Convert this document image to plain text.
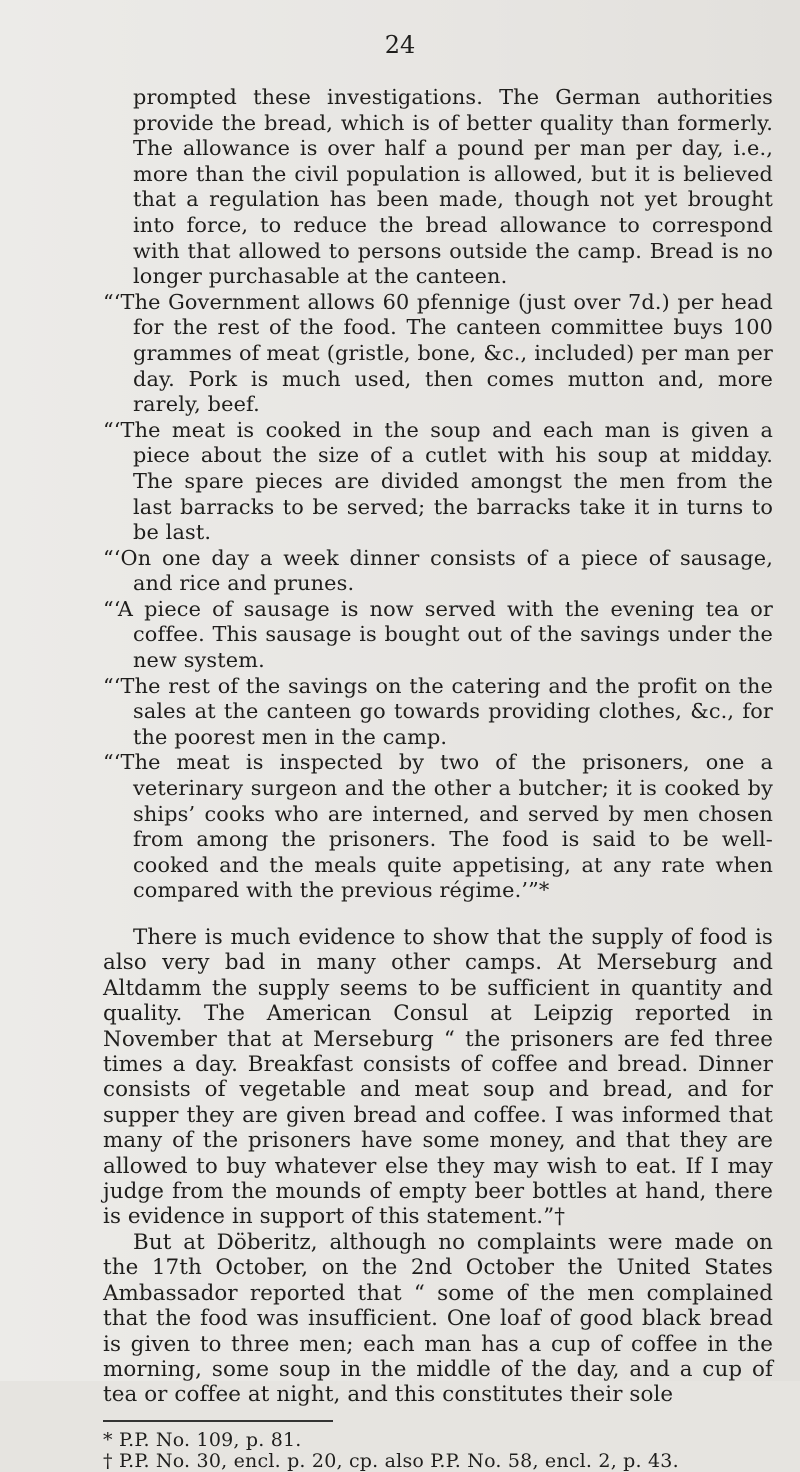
24

prompted these investigations. The German authorities provide the bread, which is of better quality than formerly. The allowance is over half a pound per man per day, i.e., more than the civil population is allowed, but it is believed that a regulation has been made, though not yet brought into force, to reduce the bread allowance to correspond with that allowed to persons outside the camp. Bread is no longer purchasable at the canteen.

“‘The Government allows 60 pfennige (just over 7d.) per head for the rest of the food. The canteen committee buys 100 grammes of meat (gristle, bone, &c., included) per man per day. Pork is much used, then comes mutton and, more rarely, beef.

“‘The meat is cooked in the soup and each man is given a piece about the size of a cutlet with his soup at midday. The spare pieces are divided amongst the men from the last barracks to be served; the barracks take it in turns to be last.

“‘On one day a week dinner consists of a piece of sausage, and rice and prunes.

“‘A piece of sausage is now served with the evening tea or coffee. This sausage is bought out of the savings under the new system.

“‘The rest of the savings on the catering and the profit on the sales at the canteen go towards providing clothes, &c., for the poorest men in the camp.

“‘The meat is inspected by two of the prisoners, one a veterinary surgeon and the other a butcher; it is cooked by ships’ cooks who are interned, and served by men chosen from among the prisoners. The food is said to be well-cooked and the meals quite appetising, at any rate when compared with the previous régime.’”*

There is much evidence to show that the supply of food is also very bad in many other camps. At Merseburg and Altdamm the supply seems to be sufficient in quantity and quality. The American Consul at Leipzig reported in November that at Merseburg “ the prisoners are fed three times a day. Breakfast consists of coffee and bread. Dinner consists of vegetable and meat soup and bread, and for supper they are given bread and coffee. I was informed that many of the prisoners have some money, and that they are allowed to buy whatever else they may wish to eat. If I may judge from the mounds of empty beer bottles at hand, there is evidence in support of this statement.”†

But at Döberitz, although no complaints were made on the 17th October, on the 2nd October the United States Ambassador reported that “ some of the men complained that the food was insufficient. One loaf of good black bread is given to three men; each man has a cup of coffee in the morning, some soup in the middle of the day, and a cup of tea or coffee at night, and this constitutes their sole

* P.P. No. 109, p. 81.

† P.P. No. 30, encl. p. 20, cp. also P.P. No. 58, encl. 2, p. 43.
